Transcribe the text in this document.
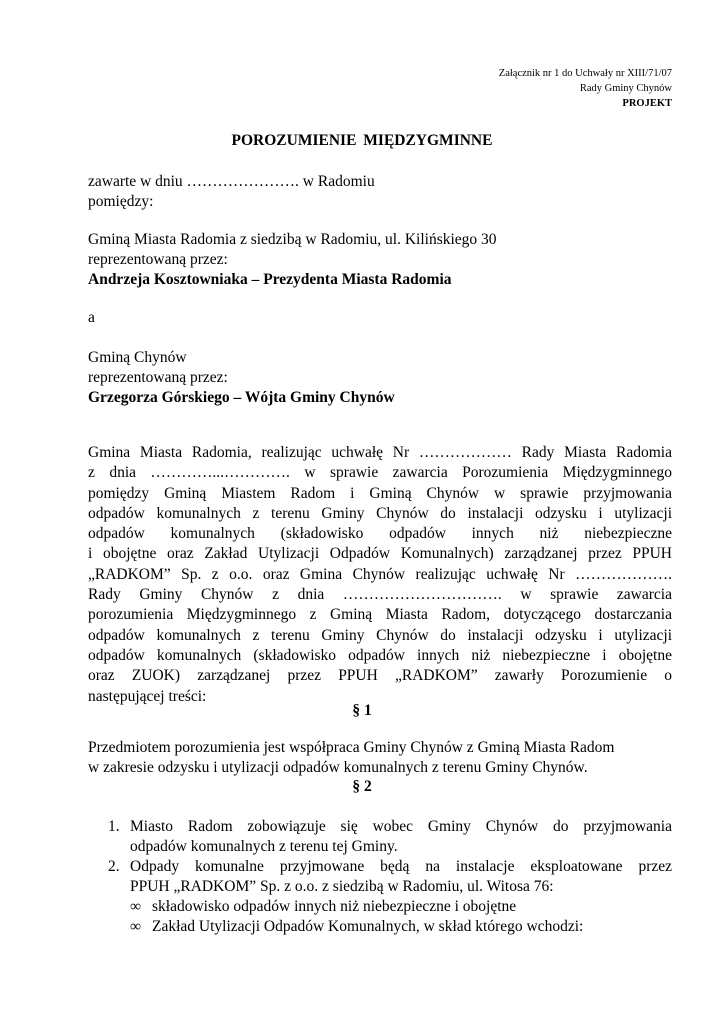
Załącznik nr 1 do Uchwały nr XIII/71/07
Rady Gminy Chynów
PROJEKT
POROZUMIENIE MIĘDZYGMINNE
zawarte w dniu …………………. w Radomiu
pomiędzy:
Gminą Miasta Radomia z siedzibą w Radomiu, ul. Kilińskiego 30
reprezentowaną przez:
Andrzeja Kosztowniaka – Prezydenta Miasta Radomia
a
Gminą Chynów
reprezentowaną przez:
Grzegorza Górskiego – Wójta Gminy Chynów
Gmina Miasta Radomia, realizując uchwałę Nr ……………… Rady Miasta Radomia
z dnia …………...…………. w sprawie zawarcia Porozumienia Międzygminnego
pomiędzy Gminą Miastem Radom i Gminą Chynów w sprawie przyjmowania
odpadów komunalnych z terenu Gminy Chynów do instalacji odzysku i utylizacji
odpadów komunalnych (składowisko odpadów innych niż niebezpieczne
i obojętne oraz Zakład Utylizacji Odpadów Komunalnych) zarządzanej przez PPUH
„RADKOM” Sp. z o.o. oraz Gmina Chynów realizując uchwałę Nr ……………….
Rady Gminy Chynów z dnia …………………………. w sprawie zawarcia
porozumienia Międzygminnego z Gminą Miasta Radom, dotyczącego dostarczania
odpadów komunalnych z terenu Gminy Chynów do instalacji odzysku i utylizacji
odpadów komunalnych (składowisko odpadów innych niż niebezpieczne i obojętne
oraz ZUOK) zarządzanej przez PPUH „RADKOM” zawarły Porozumienie o
następującej treści:
§ 1
Przedmiotem porozumienia jest współpraca Gminy Chynów z Gminą Miasta Radom
w zakresie odzysku i utylizacji odpadów komunalnych z terenu Gminy Chynów.
§ 2
1. Miasto Radom zobowiązuje się wobec Gminy Chynów do przyjmowania
odpadów komunalnych z terenu tej Gminy.
2. Odpady komunalne przyjmowane będą na instalacje eksploatowane przez
PPUH „RADKOM” Sp. z o.o. z siedzibą w Radomiu, ul. Witosa 76:
∞ składowisko odpadów innych niż niebezpieczne i obojętne
∞ Zakład Utylizacji Odpadów Komunalnych, w skład którego wchodzi:
